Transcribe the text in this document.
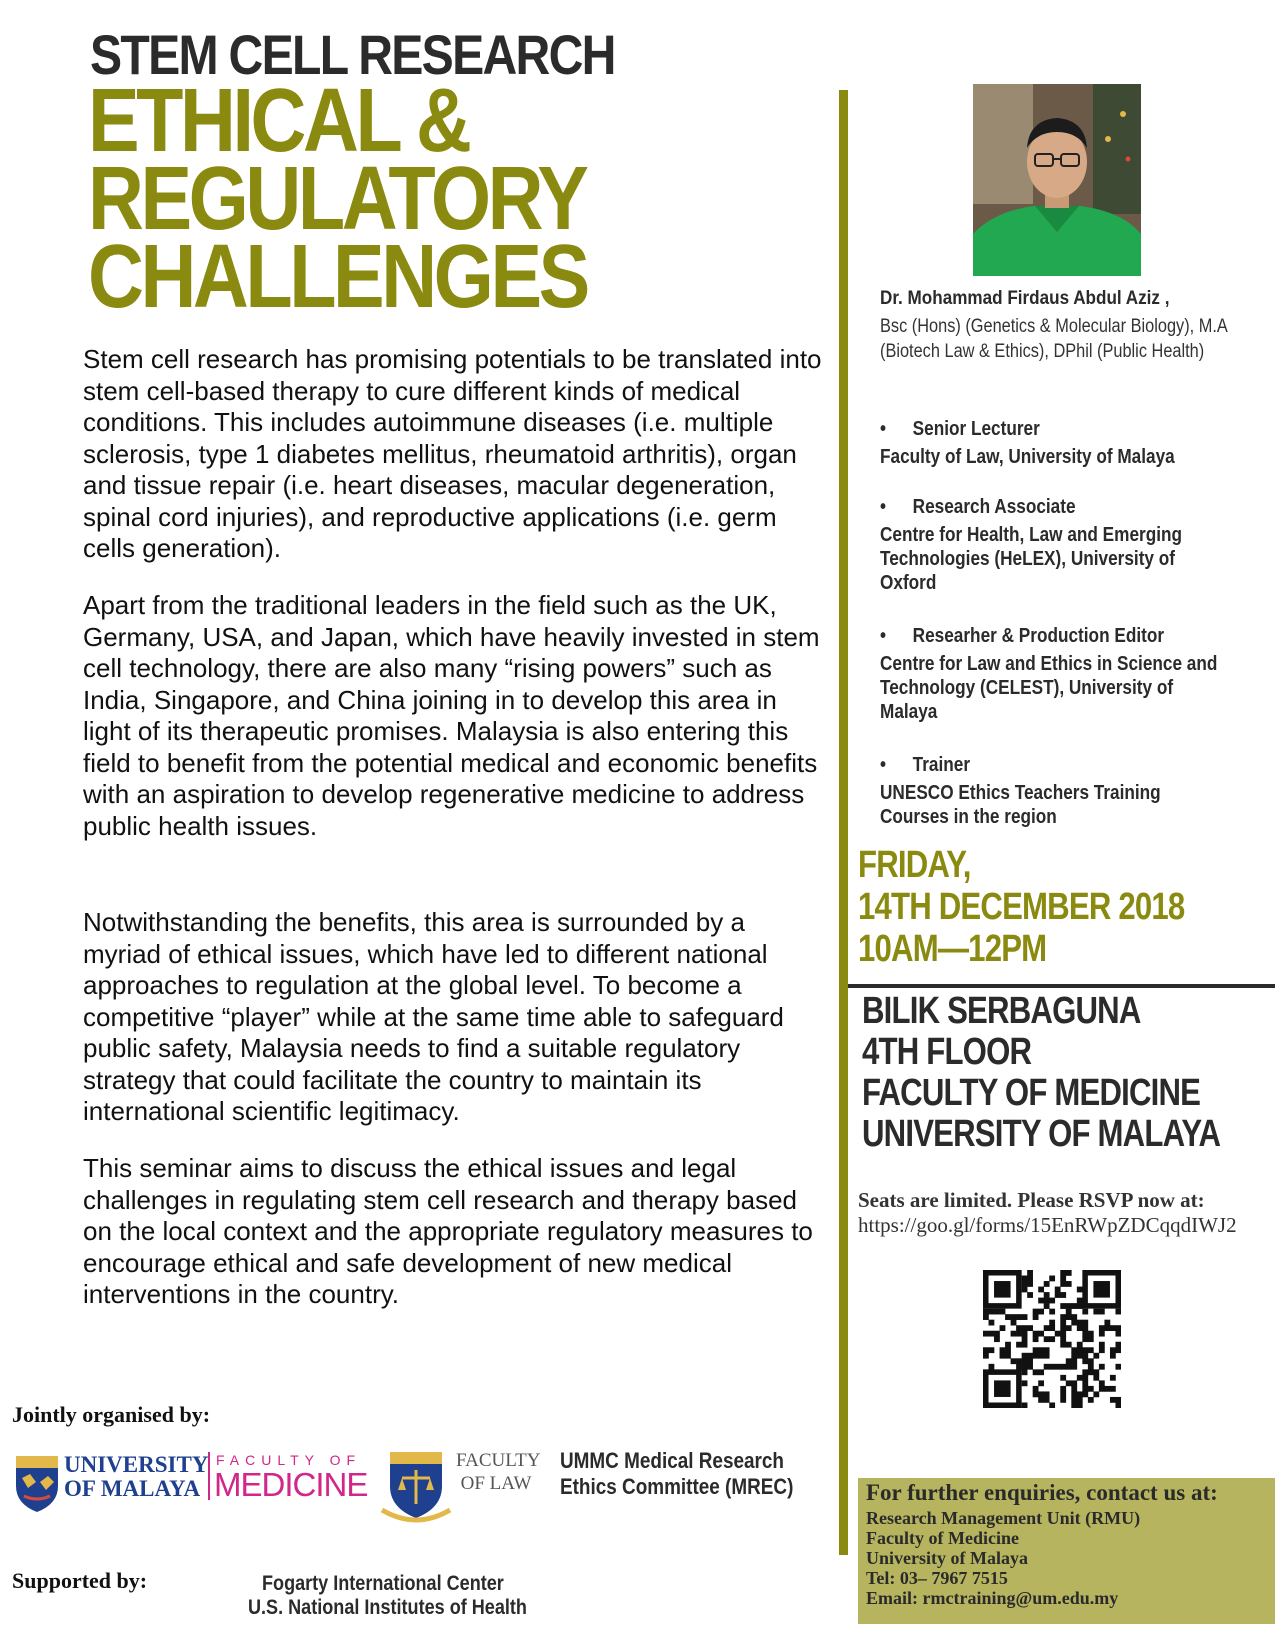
STEM CELL RESEARCH
ETHICAL &
REGULATORY
CHALLENGES
Stem cell research has promising potentials to be translated into stem cell-based therapy to cure different kinds of medical conditions. This includes autoimmune diseases (i.e. multiple sclerosis, type 1 diabetes mellitus, rheumatoid arthritis), organ and tissue repair (i.e. heart diseases, macular degeneration, spinal cord injuries), and reproductive applications (i.e. germ cells generation).
Apart from the traditional leaders in the field such as the UK, Germany, USA, and Japan, which have heavily invested in stem cell technology, there are also many “rising powers” such as India, Singapore, and China joining in to develop this area in light of its therapeutic promises. Malaysia is also entering this field to benefit from the potential medical and economic benefits with an aspiration to develop regenerative medicine to address public health issues.
Notwithstanding the benefits, this area is surrounded by a myriad of ethical issues, which have led to different national approaches to regulation at the global level. To become a competitive “player” while at the same time able to safeguard public safety, Malaysia needs to find a suitable regulatory strategy that could facilitate the country to maintain its international scientific legitimacy.
This seminar aims to discuss the ethical issues and legal challenges in regulating stem cell research and therapy based on the local context and the appropriate regulatory measures to encourage ethical and safe development of new medical interventions in the country.
Dr. Mohammad Firdaus Abdul Aziz ,
Bsc (Hons) (Genetics & Molecular Biology), M.A (Biotech Law & Ethics), DPhil (Public Health)
• Senior Lecturer
Faculty of Law, University of Malaya
• Research Associate
Centre for Health, Law and Emerging Technologies (HeLEX), University of Oxford
• Researher & Production Editor
Centre for Law and Ethics in Science and Technology (CELEST), University of Malaya
• Trainer
UNESCO Ethics Teachers Training Courses in the region
FRIDAY,
14TH DECEMBER 2018
10AM—12PM
BILIK SERBAGUNA
4TH FLOOR
FACULTY OF MEDICINE
UNIVERSITY OF MALAYA
Seats are limited. Please RSVP now at:
https://goo.gl/forms/15EnRWpZDCqqdIWJ2
For further enquiries, contact us at:
Research Management Unit (RMU)
Faculty of Medicine
University of Malaya
Tel: 03– 7967 7515
Email: rmctraining@um.edu.my
Jointly organised by:
UNIVERSITY
OF MALAYA
FACULTY OF
MEDICINE
FACULTY
OF LAW
UMMC Medical Research
Ethics Committee (MREC)
Supported by:	Fogarty International Center
U.S. National Institutes of Health
